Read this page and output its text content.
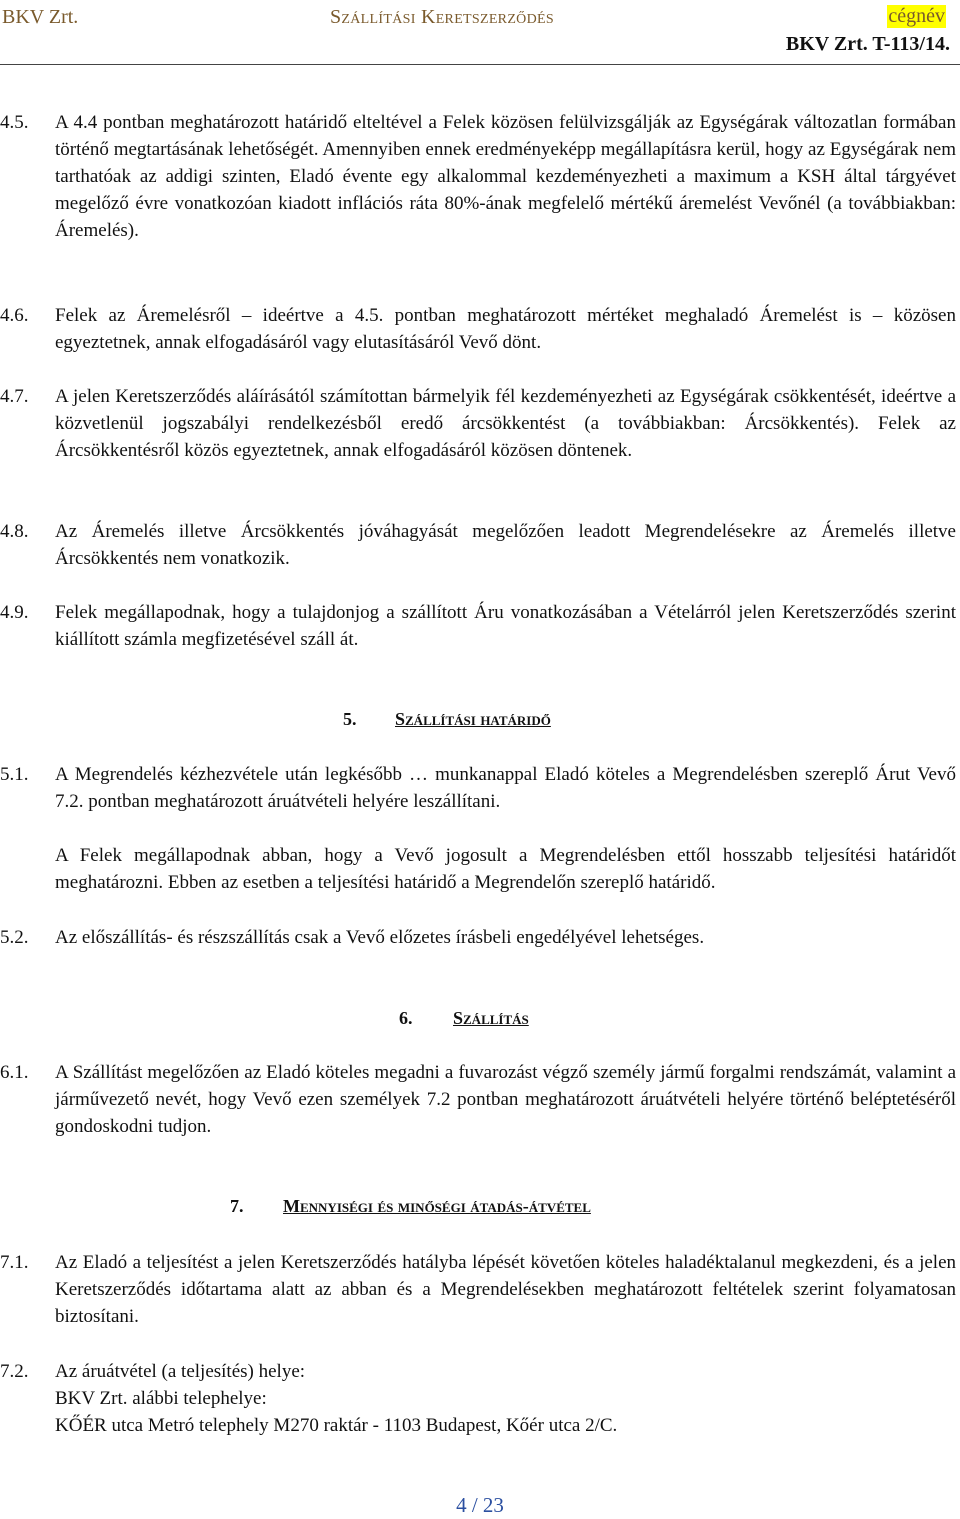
BKV Zrt.	Szállítási Keretszerződés	cégnév
BKV Zrt. T-113/14.
4.5. A 4.4 pontban meghatározott határidő elteltével a Felek közösen felülvizsgálják az Egységárak változatlan formában történő megtartásának lehetőségét. Amennyiben ennek eredményeképp megállapításra kerül, hogy az Egységárak nem tarthatóak az addigi szinten, Eladó évente egy alkalommal kezdeményezheti a maximum a KSH által tárgyévet megelőző évre vonatkozóan kiadott inflációs ráta 80%-ának megfelelő mértékű áremelést Vevőnél (a továbbiakban: Áremelés).
4.6. Felek az Áremelésről – ideértve a 4.5. pontban meghatározott mértéket meghaladó Áremelést is – közösen egyeztetnek, annak elfogadásáról vagy elutasításáról Vevő dönt.
4.7. A jelen Keretszerződés aláírásától számítottan bármelyik fél kezdeményezheti az Egységárak csökkentését, ideértve a közvetlenül jogszabályi rendelkezésből eredő árcsökkentést (a továbbiakban: Árcsökkentés). Felek az Árcsökkentésről közös egyeztetnek, annak elfogadásáról közösen döntenek.
4.8. Az Áremelés illetve Árcsökkentés jóváhagyását megelőzően leadott Megrendelésekre az Áremelés illetve Árcsökkentés nem vonatkozik.
4.9. Felek megállapodnak, hogy a tulajdonjog a szállított Áru vonatkozásában a Vételárról jelen Keretszerződés szerint kiállított számla megfizetésével száll át.
5. Szállítási határidő
5.1. A Megrendelés kézhezvétele után legkésőbb … munkanappal Eladó köteles a Megrendelésben szereplő Árut Vevő 7.2. pontban meghatározott áruátvételi helyére leszállítani.
A Felek megállapodnak abban, hogy a Vevő jogosult a Megrendelésben ettől hosszabb teljesítési határidőt meghatározni. Ebben az esetben a teljesítési határidő a Megrendelőn szereplő határidő.
5.2. Az előszállítás- és részszállítás csak a Vevő előzetes írásbeli engedélyével lehetséges.
6. Szállítás
6.1. A Szállítást megelőzően az Eladó köteles megadni a fuvarozást végző személy jármű forgalmi rendszámát, valamint a járművezető nevét, hogy Vevő ezen személyek 7.2 pontban meghatározott áruátvételi helyére történő beléptetéséről gondoskodni tudjon.
7. Mennyiségi és minőségi átadás-átvétel
7.1. Az Eladó a teljesítést a jelen Keretszerződés hatályba lépését követően köteles haladéktalanul megkezdeni, és a jelen Keretszerződés időtartama alatt az abban és a Megrendelésekben meghatározott feltételek szerint folyamatosan biztosítani.
7.2. Az áruátvétel (a teljesítés) helye:
BKV Zrt. alábbi telephelye:
KŐÉR utca Metró telephely M270 raktár - 1103 Budapest, Kőér utca 2/C.
4 / 23
